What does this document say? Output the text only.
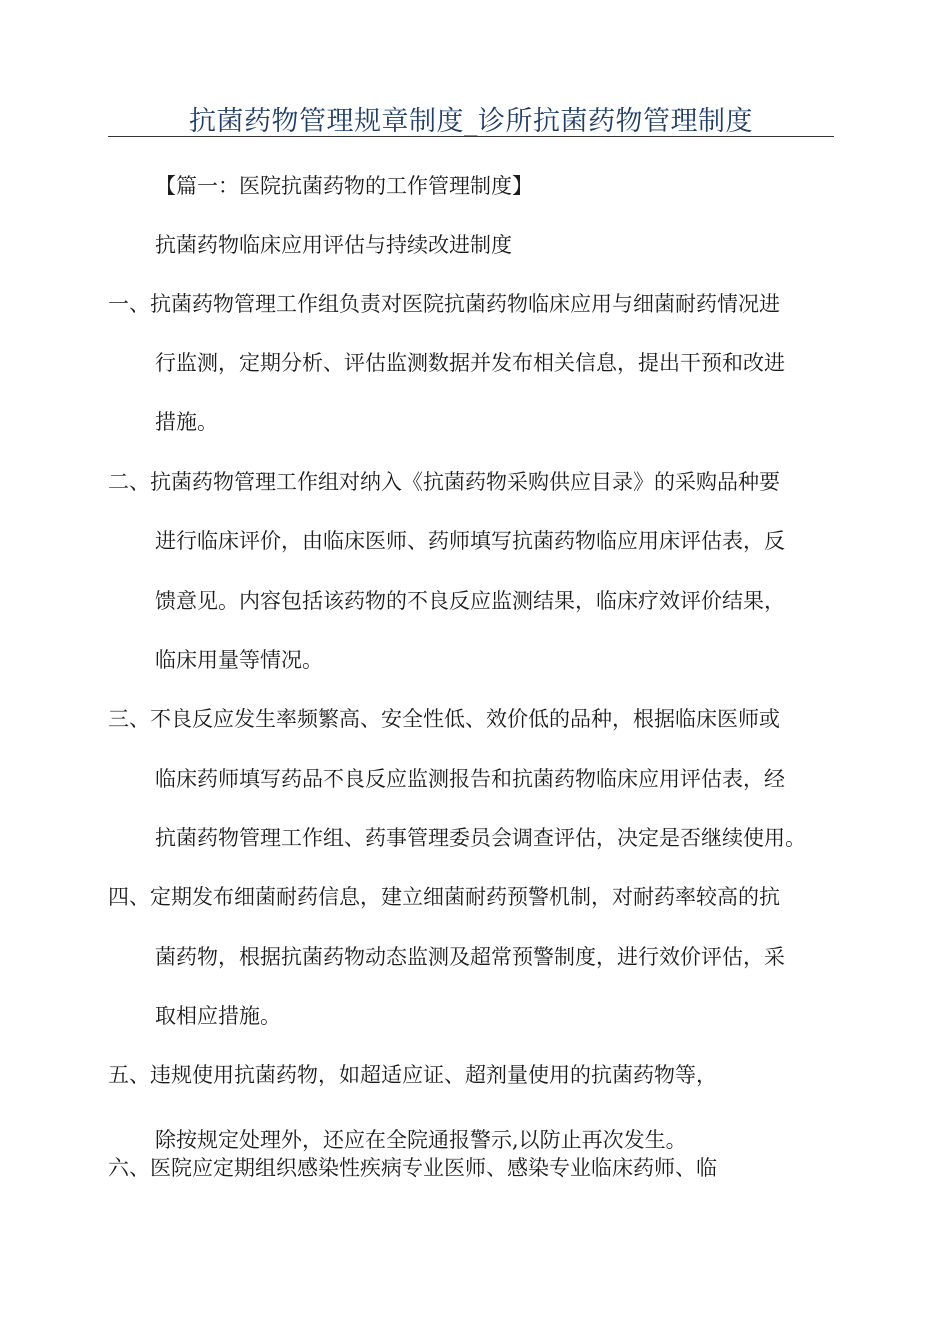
抗菌药物管理规章制度_诊所抗菌药物管理制度
【篇一：医院抗菌药物的工作管理制度】
抗菌药物临床应用评估与持续改进制度
一、抗菌药物管理工作组负责对医院抗菌药物临床应用与细菌耐药情况进
行监测，定期分析、评估监测数据并发布相关信息，提出干预和改进
措施。
二、抗菌药物管理工作组对纳入《抗菌药物采购供应目录》的采购品种要
进行临床评价，由临床医师、药师填写抗菌药物临应用床评估表，反
馈意见。内容包括该药物的不良反应监测结果，临床疗效评价结果，
临床用量等情况。
三、不良反应发生率频繁高、安全性低、效价低的品种，根据临床医师或
临床药师填写药品不良反应监测报告和抗菌药物临床应用评估表，经
抗菌药物管理工作组、药事管理委员会调查评估，决定是否继续使用。
四、定期发布细菌耐药信息，建立细菌耐药预警机制，对耐药率较高的抗
菌药物，根据抗菌药物动态监测及超常预警制度，进行效价评估，采
取相应措施。
五、违规使用抗菌药物，如超适应证、超剂量使用的抗菌药物等，
除按规定处理外，还应在全院通报警示,以防止再次发生。
六、医院应定期组织感染性疾病专业医师、感染专业临床药师、临
